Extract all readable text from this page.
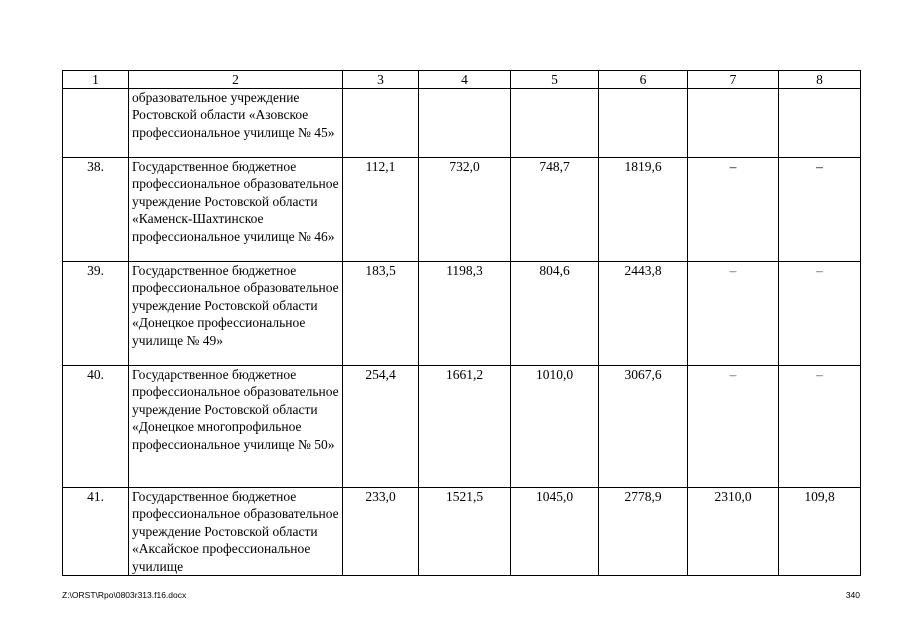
1	2	3	4	5	6	7	8
	образовательное учреждение Ростовской области «Азовское профессиональное училище № 45»						
38.	Государственное бюджетное профессиональное образовательное учреждение Ростовской области «Каменск-Шахтинское профессиональное училище № 46»	112,1	732,0	748,7	1819,6	–	–
39.	Государственное бюджетное профессиональное образовательное учреждение Ростовской области «Донецкое профессиональное училище № 49»	183,5	1198,3	804,6	2443,8	–	–
40.	Государственное бюджетное профессиональное образовательное учреждение Ростовской области «Донецкое многопрофильное профессиональное училище № 50»	254,4	1661,2	1010,0	3067,6	–	–
41.	Государственное бюджетное профессиональное образовательное учреждение Ростовской области «Аксайское профессиональное училище	233,0	1521,5	1045,0	2778,9	2310,0	109,8
Z:\ORST\Rpo\0803r313.f16.docx	340
